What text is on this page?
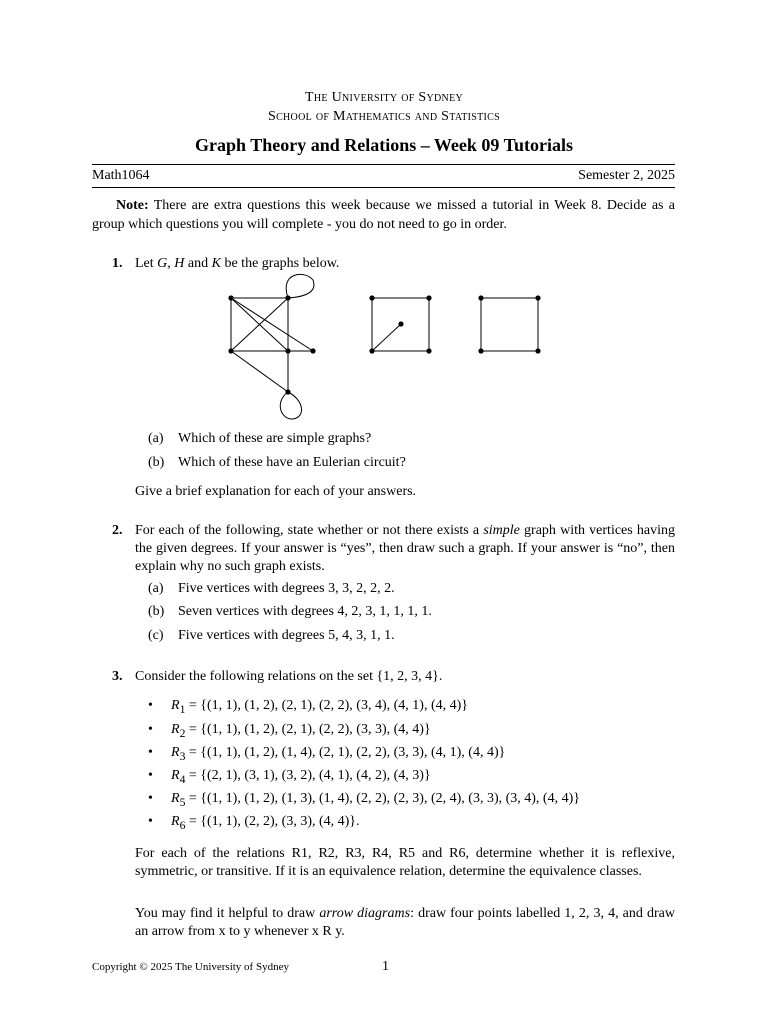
The University of Sydney
School of Mathematics and Statistics
Graph Theory and Relations – Week 09 Tutorials
Math1064	Semester 2, 2025
Note: There are extra questions this week because we missed a tutorial in Week 8. Decide as a group which questions you will complete - you do not need to go in order.
1. Let G, H and K be the graphs below.
(a) Which of these are simple graphs?
(b) Which of these have an Eulerian circuit?
Give a brief explanation for each of your answers.
2. For each of the following, state whether or not there exists a simple graph with vertices having the given degrees. If your answer is “yes”, then draw such a graph. If your answer is “no”, then explain why no such graph exists.
(a) Five vertices with degrees 3, 3, 2, 2, 2.
(b) Seven vertices with degrees 4, 2, 3, 1, 1, 1, 1.
(c) Five vertices with degrees 5, 4, 3, 1, 1.
3. Consider the following relations on the set {1, 2, 3, 4}.
• $R_1 = \{(1$, 1), (1, 2), (2, 1), (2, 2), (3, 4), (4, 1), (4, 4)}
• $R_2 = \{(1$, 1), (1, 2), (2, 1), (2, 2), (3, 3), (4, 4)}
• $R_3 = \{(1$, 1), (1, 2), (1, 4), (2, 1), (2, 2), (3, 3), (4, 1), (4, 4)}
• $R_4 = \{(2$, 1), (3, 1), (3, 2), (4, 1), (4, 2), (4, 3)}
• $R_5 = \{(1$, 1), (1, 2), (1, 3), (1, 4), (2, 2), (2, 3), (2, 4), (3, 3), (3, 4), (4, 4)}
• $R_6 = \{(1$, 1), (2, 2), (3, 3), (4, 4)}.
For each of the relations R1, R2, R3, R4, R5 and R6, determine whether it is reflexive, symmetric, or transitive. If it is an equivalence relation, determine the equivalence classes.
You may find it helpful to draw arrow diagrams: draw four points labelled 1, 2, 3, 4, and draw an arrow from x to y whenever x R y.
Copyright © 2025 The University of Sydney	1
